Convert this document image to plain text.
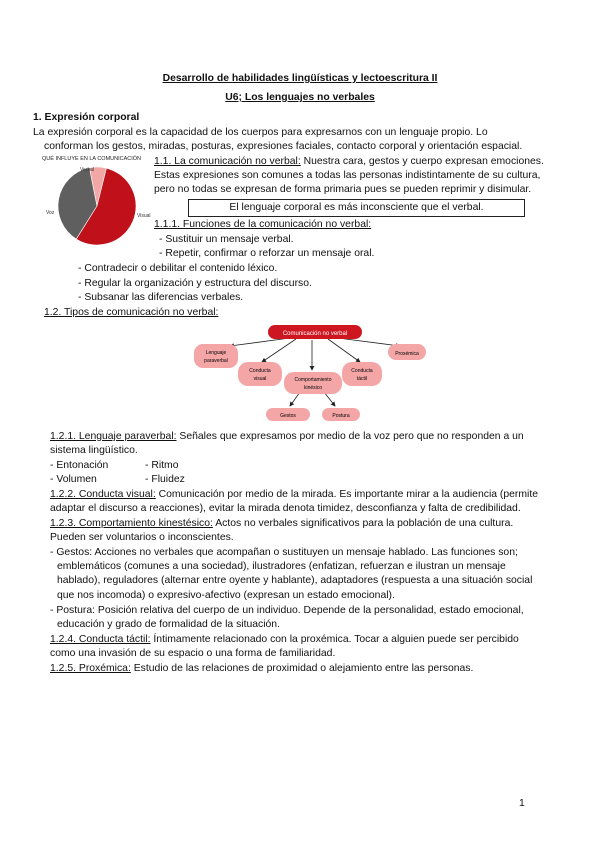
Desarrollo de habilidades lingüísticas y lectoescritura II
U6; Los lenguajes no verbales
1. Expresión corporal
La expresión corporal es la capacidad de los cuerpos para expresarnos con un lenguaje propio. Lo
conforman los gestos, miradas, posturas, expresiones faciales, contacto corporal y orientación espacial.
QUÉ INFLUYE EN LA COMUNICACIÓN
Voz
Verbal
Visual
1.1. La comunicación no verbal: Nuestra cara, gestos y cuerpo expresan emociones.
Estas expresiones son comunes a todas las personas indistintamente de su cultura,
pero no todas se expresan de forma primaria pues se pueden reprimir y disimular.
El lenguaje corporal es más inconsciente que el verbal.
1.1.1. Funciones de la comunicación no verbal:
- Sustituir un mensaje verbal.
- Repetir, confirmar o reforzar un mensaje oral.
- Contradecir o debilitar el contenido léxico.
- Regular la organización y estructura del discurso.
- Subsanar las diferencias verbales.
1.2. Tipos de comunicación no verbal:
Comunicación no verbal
Lenguaje
paraverbal
Conducta
visual	Comportamiento
kinésico
Conducta
táctil
Proxémica
Gestos	Postura
1.2.1. Lenguaje paraverbal: Señales que expresamos por medio de la voz pero que no responden a un
sistema lingüístico.
- Entonación	- Ritmo
- Volumen	- Fluidez
1.2.2. Conducta visual: Comunicación por medio de la mirada. Es importante mirar a la audiencia (permite
adaptar el discurso a reacciones), evitar la mirada denota timidez, desconfianza y falta de credibilidad.
1.2.3. Comportamiento kinestésico: Actos no verbales significativos para la población de una cultura.
Pueden ser voluntarios o inconscientes.
- Gestos: Acciones no verbales que acompañan o sustituyen un mensaje hablado. Las funciones son;
emblemáticos (comunes a una sociedad), ilustradores (enfatizan, refuerzan e ilustran un mensaje
hablado), reguladores (alternar entre oyente y hablante), adaptadores (respuesta a una situación social
que nos incomoda) o expresivo-afectivo (expresan un estado emocional).
- Postura: Posición relativa del cuerpo de un individuo. Depende de la personalidad, estado emocional,
educación y grado de formalidad de la situación.
1.2.4. Conducta táctil: Íntimamente relacionado con la proxémica. Tocar a alguien puede ser percibido
como una invasión de su espacio o una forma de familiaridad.
1.2.5. Proxémica: Estudio de las relaciones de proximidad o alejamiento entre las personas.
1
